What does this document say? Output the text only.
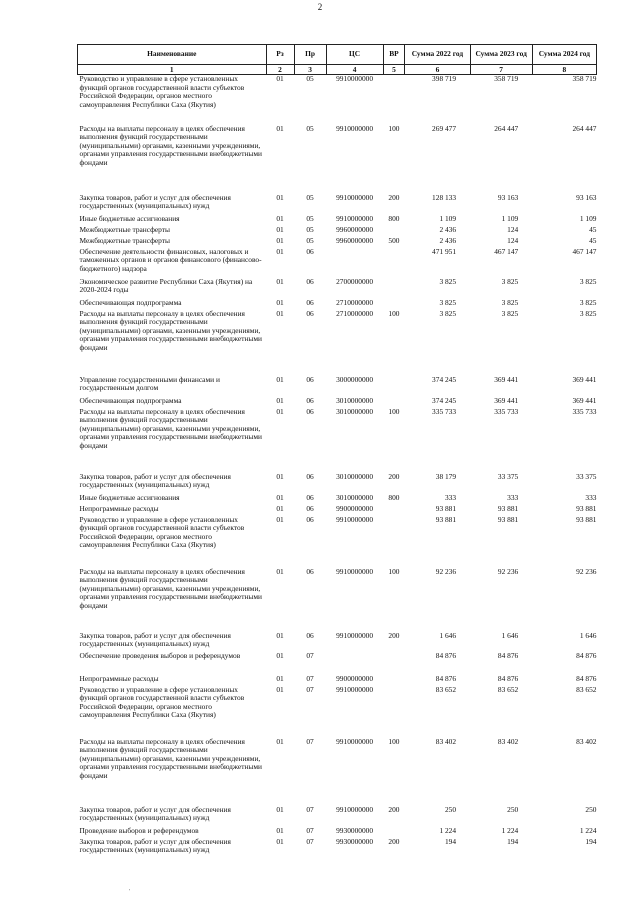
2
Наименование	Рз	Пр	ЦС	ВР	Сумма 2022 год	Сумма 2023 год	Сумма 2024 год
1	2	3	4	5	6	7	8
Руководство и управление в сфере установленных функций органов государственной власти субъектов Российской Федерации, органов местного самоуправления Республики Саха (Якутия)	01	05	9910000000		398 719	358 719	358 719
Расходы на выплаты персоналу в целях обеспечения выполнения функций государственными (муниципальными) органами, казенными учреждениями, органами управления государственными внебюджетными фондами	01	05	9910000000	100	269 477	264 447	264 447
Закупка товаров, работ и услуг для обеспечения государственных (муниципальных) нужд	01	05	9910000000	200	128 133	93 163	93 163
Иные бюджетные ассигнования	01	05	9910000000	800	1 109	1 109	1 109
Межбюджетные трансферты	01	05	9960000000		2 436	124	45
Межбюджетные трансферты	01	05	9960000000	500	2 436	124	45
Обеспечение деятельности финансовых, налоговых и таможенных органов и органов финансового (финансово-бюджетного) надзора	01	06			471 951	467 147	467 147
Экономическое развитие Республики Саха (Якутия) на 2020-2024 годы	01	06	2700000000		3 825	3 825	3 825
Обеспечивающая подпрограмма	01	06	2710000000		3 825	3 825	3 825
Расходы на выплаты персоналу в целях обеспечения выполнения функций государственными (муниципальными) органами, казенными учреждениями, органами управления государственными внебюджетными фондами	01	06	2710000000	100	3 825	3 825	3 825
Управление государственными финансами и государственным долгом	01	06	3000000000		374 245	369 441	369 441
Обеспечивающая подпрограмма	01	06	3010000000		374 245	369 441	369 441
Расходы на выплаты персоналу в целях обеспечения выполнения функций государственными (муниципальными) органами, казенными учреждениями, органами управления государственными внебюджетными фондами	01	06	3010000000	100	335 733	335 733	335 733
Закупка товаров, работ и услуг для обеспечения государственных (муниципальных) нужд	01	06	3010000000	200	38 179	33 375	33 375
Иные бюджетные ассигнования	01	06	3010000000	800	333	333	333
Непрограммные расходы	01	06	9900000000		93 881	93 881	93 881
Руководство и управление в сфере установленных функций органов государственной власти субъектов Российской Федерации, органов местного самоуправления Республики Саха (Якутия)	01	06	9910000000		93 881	93 881	93 881
Расходы на выплаты персоналу в целях обеспечения выполнения функций государственными (муниципальными) органами, казенными учреждениями, органами управления государственными внебюджетными фондами	01	06	9910000000	100	92 236	92 236	92 236
Закупка товаров, работ и услуг для обеспечения государственных (муниципальных) нужд	01	06	9910000000	200	1 646	1 646	1 646
Обеспечение проведения выборов и референдумов	01	07			84 876	84 876	84 876
Непрограммные расходы	01	07	9900000000		84 876	84 876	84 876
Руководство и управление в сфере установленных функций органов государственной власти субъектов Российской Федерации, органов местного самоуправления Республики Саха (Якутия)	01	07	9910000000		83 652	83 652	83 652
Расходы на выплаты персоналу в целях обеспечения выполнения функций государственными (муниципальными) органами, казенными учреждениями, органами управления государственными внебюджетными фондами	01	07	9910000000	100	83 402	83 402	83 402
Закупка товаров, работ и услуг для обеспечения государственных (муниципальных) нужд	01	07	9910000000	200	250	250	250
Проведение выборов и референдумов	01	07	9930000000		1 224	1 224	1 224
Закупка товаров, работ и услуг для обеспечения государственных (муниципальных) нужд	01	07	9930000000	200	194	194	194
'
